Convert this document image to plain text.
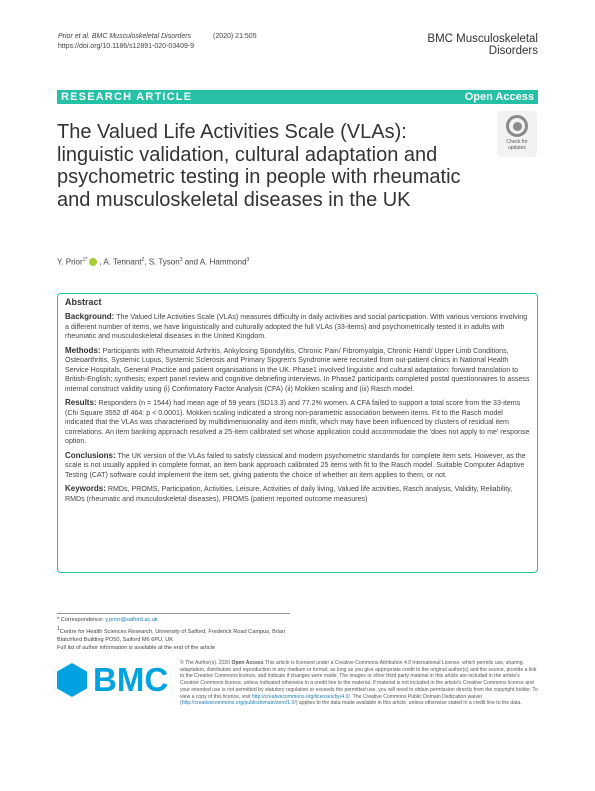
Prior et al. BMC Musculoskeletal Disorders	(2020) 21:505
https://doi.org/10.1186/s12891-020-03409-9
BMC Musculoskeletal
Disorders
RESEARCH ARTICLE	Open Access
The Valued Life Activities Scale (VLAs): linguistic validation, cultural adaptation and psychometric testing in people with rheumatic and musculoskeletal diseases in the UK
Check for
updates
Y. Prior$^{1*}$ , A. Tennant$^2$, S. Tyson$^3$ and A. Hammond$^3$
Abstract

Background: The Valued Life Activities Scale (VLAs) measures difficulty in daily activities and social participation. With various versions involving a different number of items, we have linguistically and culturally adopted the full VLAs (33-items) and psychometrically tested it in adults with rheumatic and musculoskeletal diseases in the United Kingdom.

Methods: Participants with Rheumatoid Arthritis, Ankylosing Spondylitis, Chronic Pain/ Fibromyalgia, Chronic Hand/ Upper Limb Conditions, Osteoarthritis, Systemic Lupus, Systemic Sclerosis and Primary Sjogren's Syndrome were recruited from out-patient clinics in National Health Service Hospitals, General Practice and patient organisations in the UK. Phase1 involved linguistic and cultural adaptation: forward translation to British-English; synthesis; expert panel review and cognitive debriefing interviews. In Phase2 participants completed postal questionnaires to assess internal construct validity using (i) Confirmatory Factor Analysis (CFA) (ii) Mokken scaling and (iii) Rasch model.

Results: Responders (n = 1544) had mean age of 59 years (SD13.3) and 77.2% women. A CFA failed to support a total score from the 33-items (Chi Square 3552 df 464: p < 0.0001). Mokken scaling indicated a strong non-parametric association between items. Fit to the Rasch model indicated that the VLAs was characterised by multidimensionality and item misfit, which may have been influenced by clusters of residual item correlations. An item banking approach resolved a 25-item calibrated set whose application could accommodate the 'does not apply to me' response option.

Conclusions: The UK version of the VLAs failed to satisfy classical and modern psychometric standards for complete item sets. However, as the scale is not usually applied in complete format, an item bank approach calibrated 25 items with fit to the Rasch model. Suitable Computer Adaptive Testing (CAT) software could implement the item set, giving patients the choice of whether an item applies to them, or not.

Keywords: RMDs, PROMS, Participation, Activities, Leisure, Activities of daily living, Valued life activities, Rasch analysis, Validity, Reliability, RMDs (rheumatic and musculoskeletal diseases), PROMS (patient reported outcome measures)

* Correspondence: y.prior@salford.ac.uk
$^1$Centre for Health Sciences Research, University of Salford, Frederick Road Campus, Brian Blatchford Building PO50, Salford M6 6PU, UK
Full list of author information is available at the end of the article
BMC © The Author(s). 2020 Open Access This article is licensed under a Creative Commons Attribution 4.0 International License, which permits use, sharing, adaptation, distribution and reproduction in any medium or format, as long as you give appropriate credit to the original author(s) and the source, provide a link to the Creative Commons licence, and indicate if changes were made. The images or other third party material in this article are included in the article's Creative Commons licence, unless indicated otherwise in a credit line to the material. If material is not included in the article's Creative Commons licence and your intended use is not permitted by statutory regulation or exceeds the permitted use, you will need to obtain permission directly from the copyright holder. To view a copy of this licence, visit http://creativecommons.org/licenses/by/4.0/. The Creative Commons Public Domain Dedication waiver (http://creativecommons.org/publicdomain/zero/1.0/) applies to the data made available in this article, unless otherwise stated in a credit line to the data.
